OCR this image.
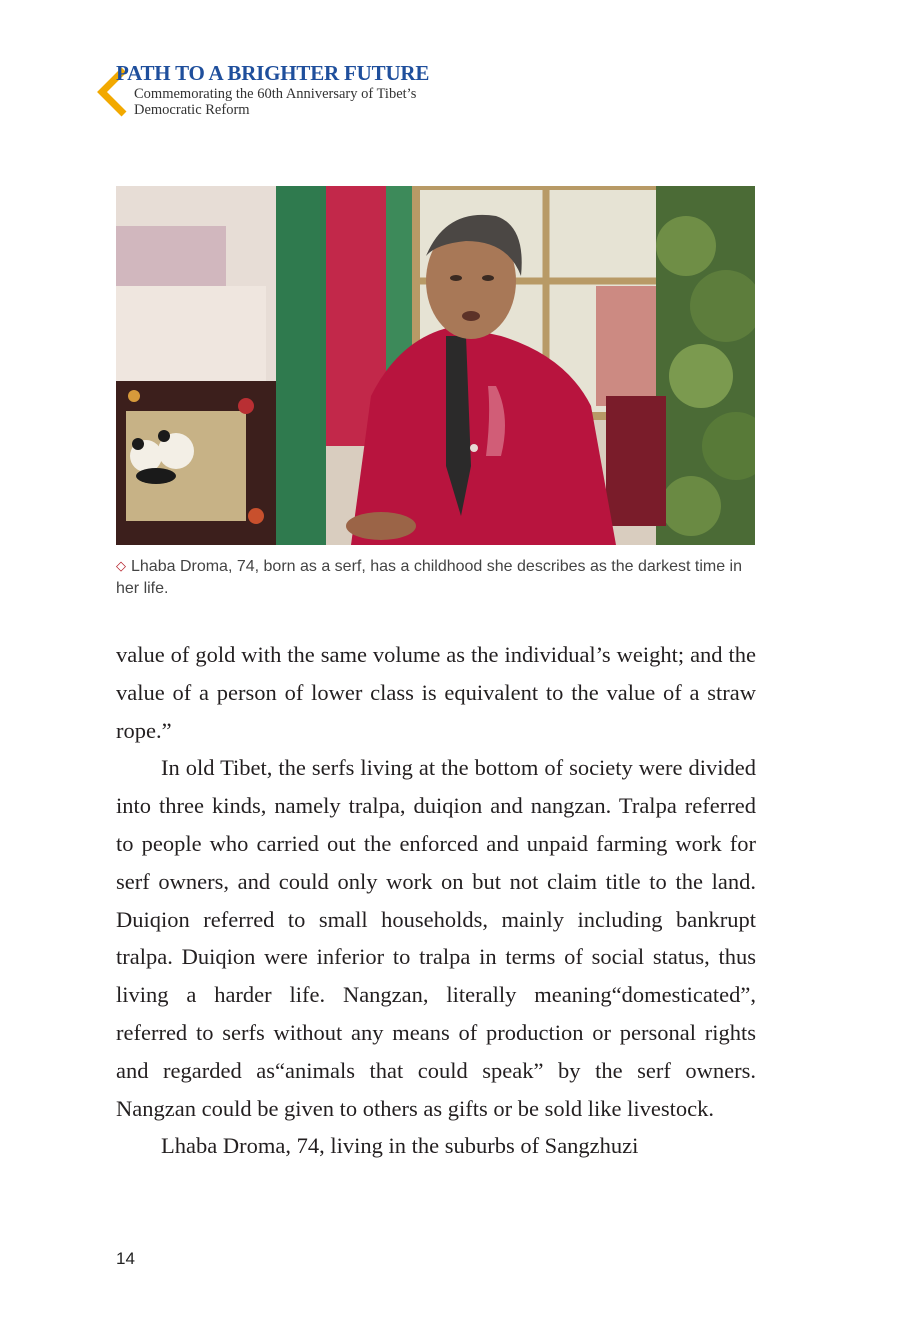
PATH TO A BRIGHTER FUTURE
Commemorating the 60th Anniversary of Tibet’s
Democratic Reform
◇ Lhaba Droma, 74, born as a serf, has a childhood she describes as the darkest time in her life.

value of gold with the same volume as the individual’s weight; and the value of a person of lower class is equivalent to the value of a straw rope.”

In old Tibet, the serfs living at the bottom of society were divided into three kinds, namely tralpa, duiqion and nangzan. Tralpa referred to people who carried out the enforced and unpaid farming work for serf owners, and could only work on but not claim title to the land. Duiqion referred to small households, mainly including bankrupt tralpa. Duiqion were inferior to tralpa in terms of social status, thus living a harder life. Nangzan, literally meaning“domesticated”, referred to serfs without any means of production or personal rights and regarded as“animals that could speak” by the serf owners. Nangzan could be given to others as gifts or be sold like livestock.

Lhaba Droma, 74, living in the suburbs of Sangzhuzi

14
